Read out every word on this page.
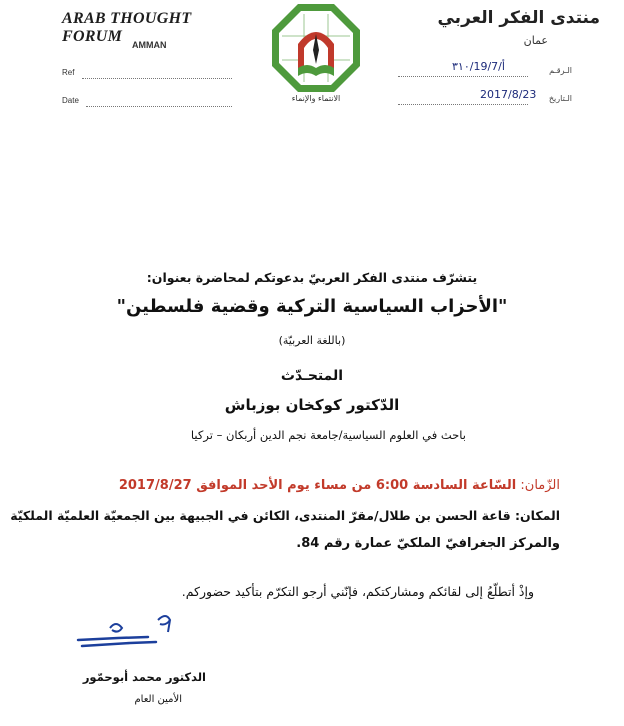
ARAB THOUGHT FORUM	AMMAN
Ref
Date
منتدى الفكر العربي
عمان
الـرقـم
٣١٠/19/7/أ
الـتاريخ
2017/8/23
الانتماء والإنماء
يتشرّف منتدى الفكر العربيّ بدعوتكم لمحاضرة بعنوان:
"الأحزاب السياسية التركية وقضية فلسطين"
(باللغة العربيّة)
المتحـدّث
الدّكتور كوكخان بوزباش
باحث في العلوم السياسية/جامعة نجم الدين أربكان – تركيا
الزّمان: السّاعة السادسة 6:00 من مساء يوم الأحد الموافق 2017/8/27
المكان: قاعة الحسن بن طلال/مقرّ المنتدى، الكائن في الجبيهة بين الجمعيّة العلميّة الملكيّة
والمركز الجغرافيّ الملكيّ عمارة رقم 84.
وإذْ أتطلّعُ إلى لقائكم ومشاركتكم، فإنّني أرجو التكرّم بتأكيد حضوركم.
الدكتور محمد أبوحمّور
الأمين العام
